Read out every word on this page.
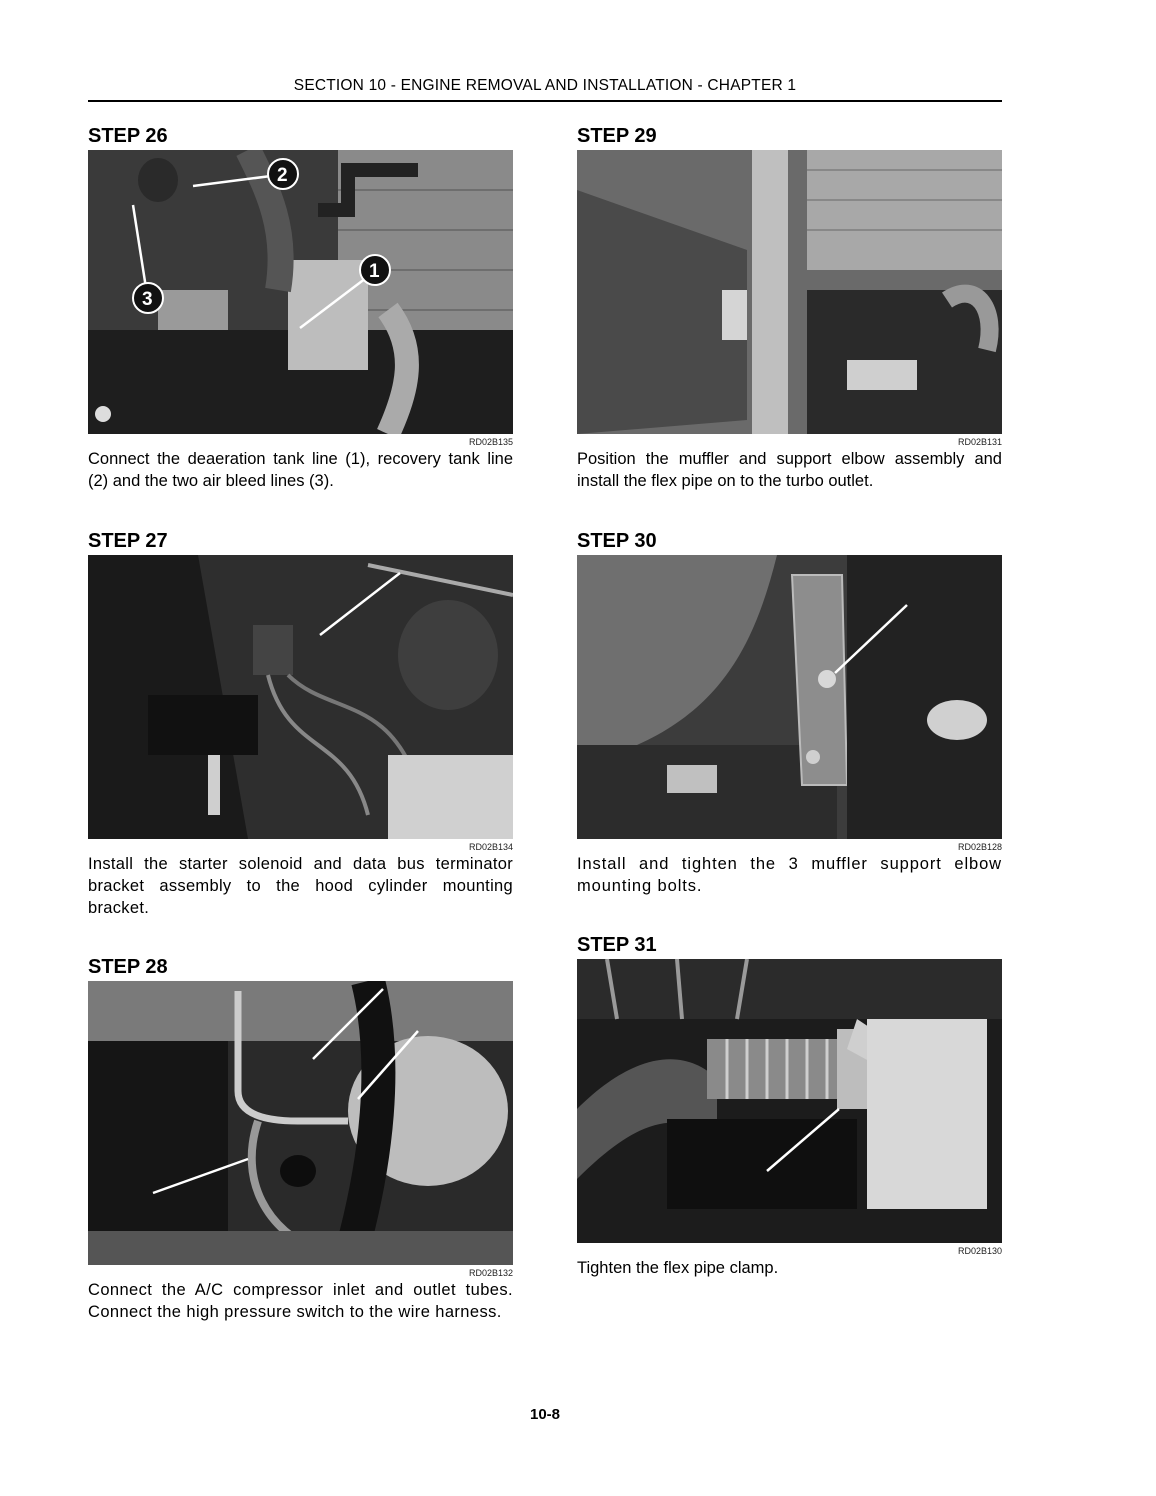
SECTION 10 - ENGINE REMOVAL AND INSTALLATION - CHAPTER 1
STEP 26
1
2
3
RD02B135

Connect the deaeration tank line (1), recovery tank line (2) and the two air bleed lines (3).

STEP 27
RD02B134

Install the starter solenoid and data bus terminator bracket assembly to the hood cylinder mounting bracket.

STEP 28
RD02B132

Connect the A/C compressor inlet and outlet tubes. Connect the high pressure switch to the wire harness.

STEP 29
RD02B131

Position the muffler and support elbow assembly and install the flex pipe on to the turbo outlet.

STEP 30
RD02B128

Install and tighten the 3 muffler support elbow mounting bolts.

STEP 31
RD02B130

Tighten the flex pipe clamp.

10-8
